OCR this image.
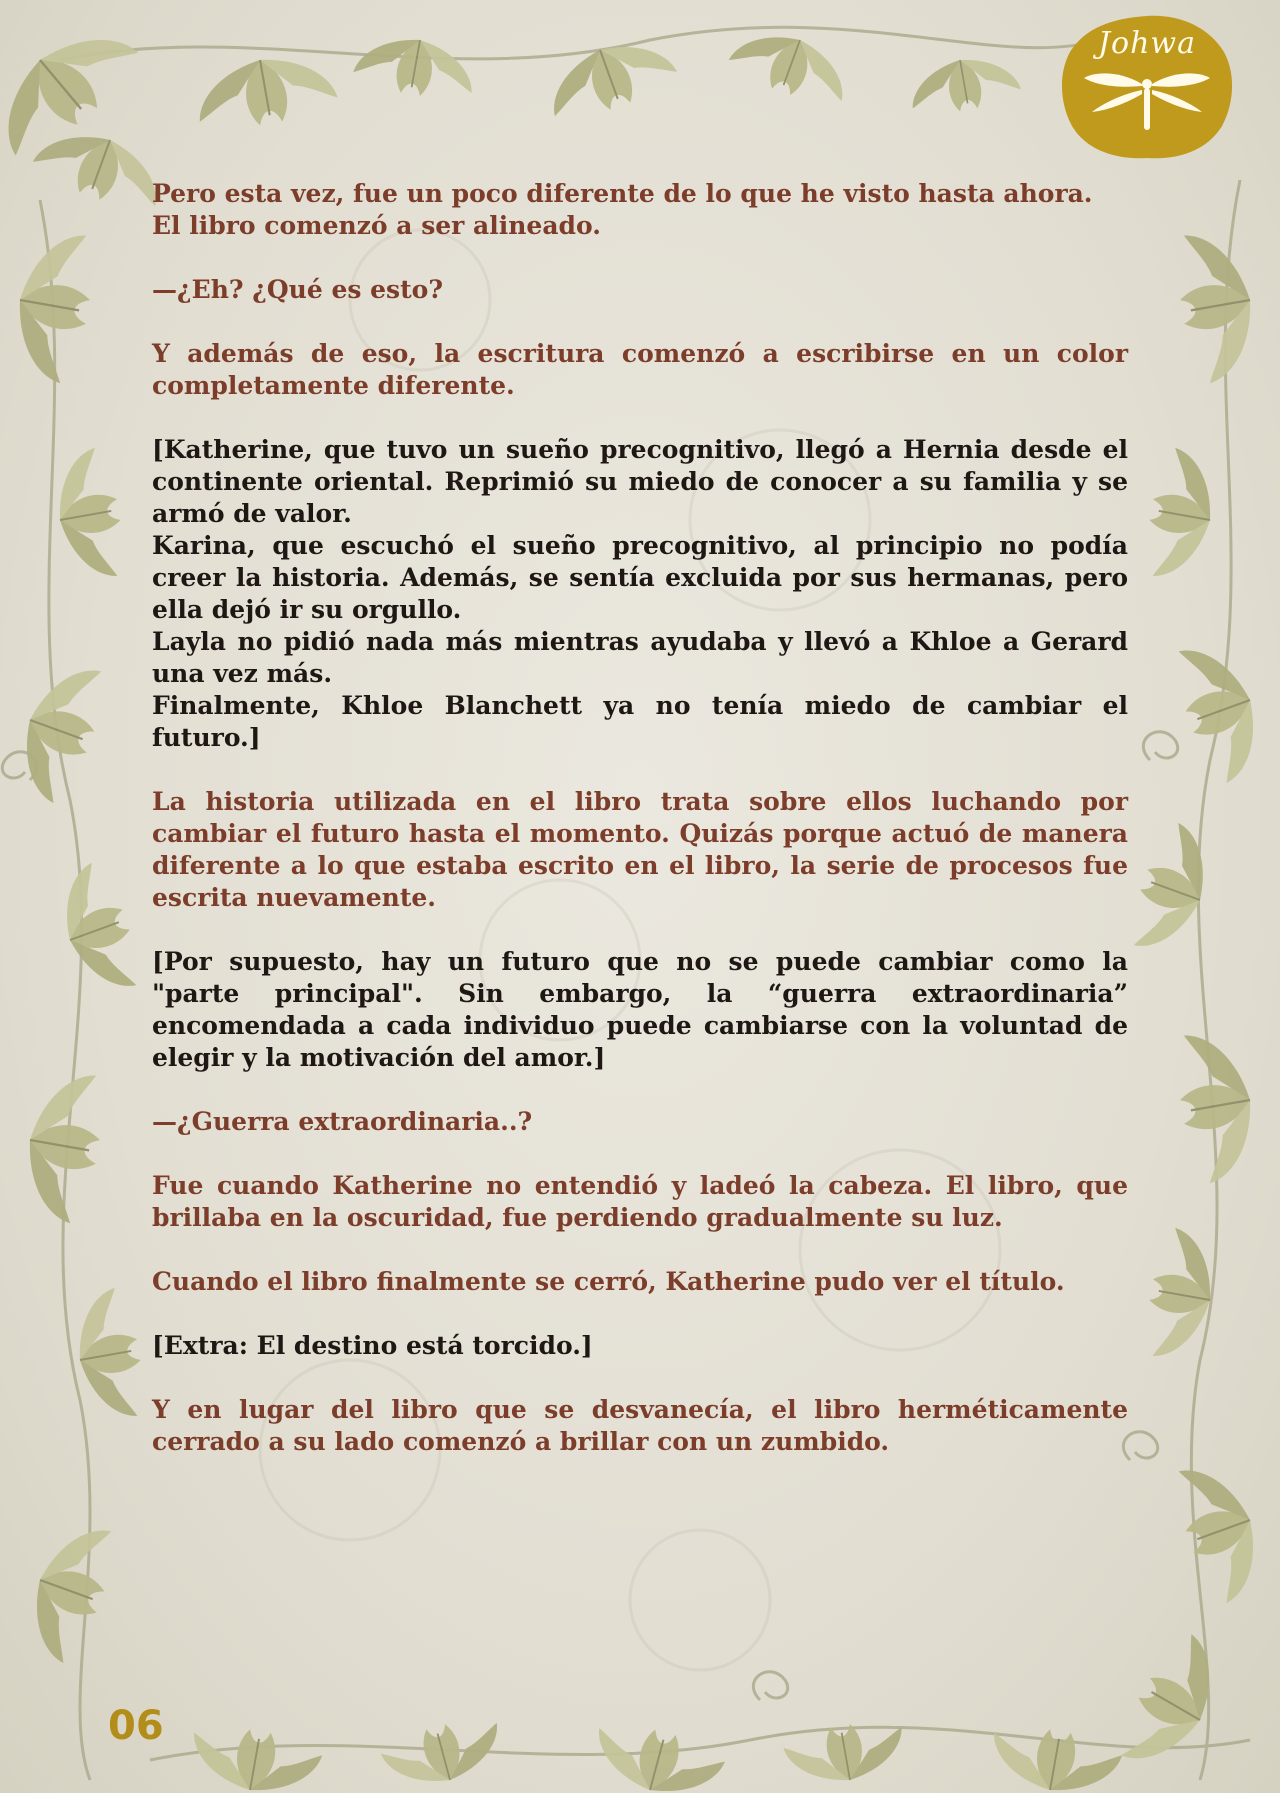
Johwa
Pero esta vez, fue un poco diferente de lo que he visto hasta ahora.
El libro comenzó a ser alineado.
—¿Eh? ¿Qué es esto?
Y además de eso, la escritura comenzó a escribirse en un color completamente diferente.
[Katherine, que tuvo un sueño precognitivo, llegó a Hernia desde el continente oriental. Reprimió su miedo de conocer a su familia y se armó de valor.
Karina, que escuchó el sueño precognitivo, al principio no podía creer la historia. Además, se sentía excluida por sus hermanas, pero ella dejó ir su orgullo.
Layla no pidió nada más mientras ayudaba y llevó a Khloe a Gerard una vez más.
Finalmente, Khloe Blanchett ya no tenía miedo de cambiar el futuro.]
La historia utilizada en el libro trata sobre ellos luchando por cambiar el futuro hasta el momento. Quizás porque actuó de manera diferente a lo que estaba escrito en el libro, la serie de procesos fue escrita nuevamente.
[Por supuesto, hay un futuro que no se puede cambiar como la "parte principal". Sin embargo, la “guerra extraordinaria” encomendada a cada individuo puede cambiarse con la voluntad de elegir y la motivación del amor.]
—¿Guerra extraordinaria..?
Fue cuando Katherine no entendió y ladeó la cabeza. El libro, que brillaba en la oscuridad, fue perdiendo gradualmente su luz.
Cuando el libro finalmente se cerró, Katherine pudo ver el título.
[Extra: El destino está torcido.]
Y en lugar del libro que se desvanecía, el libro herméticamente cerrado a su lado comenzó a brillar con un zumbido.
06
